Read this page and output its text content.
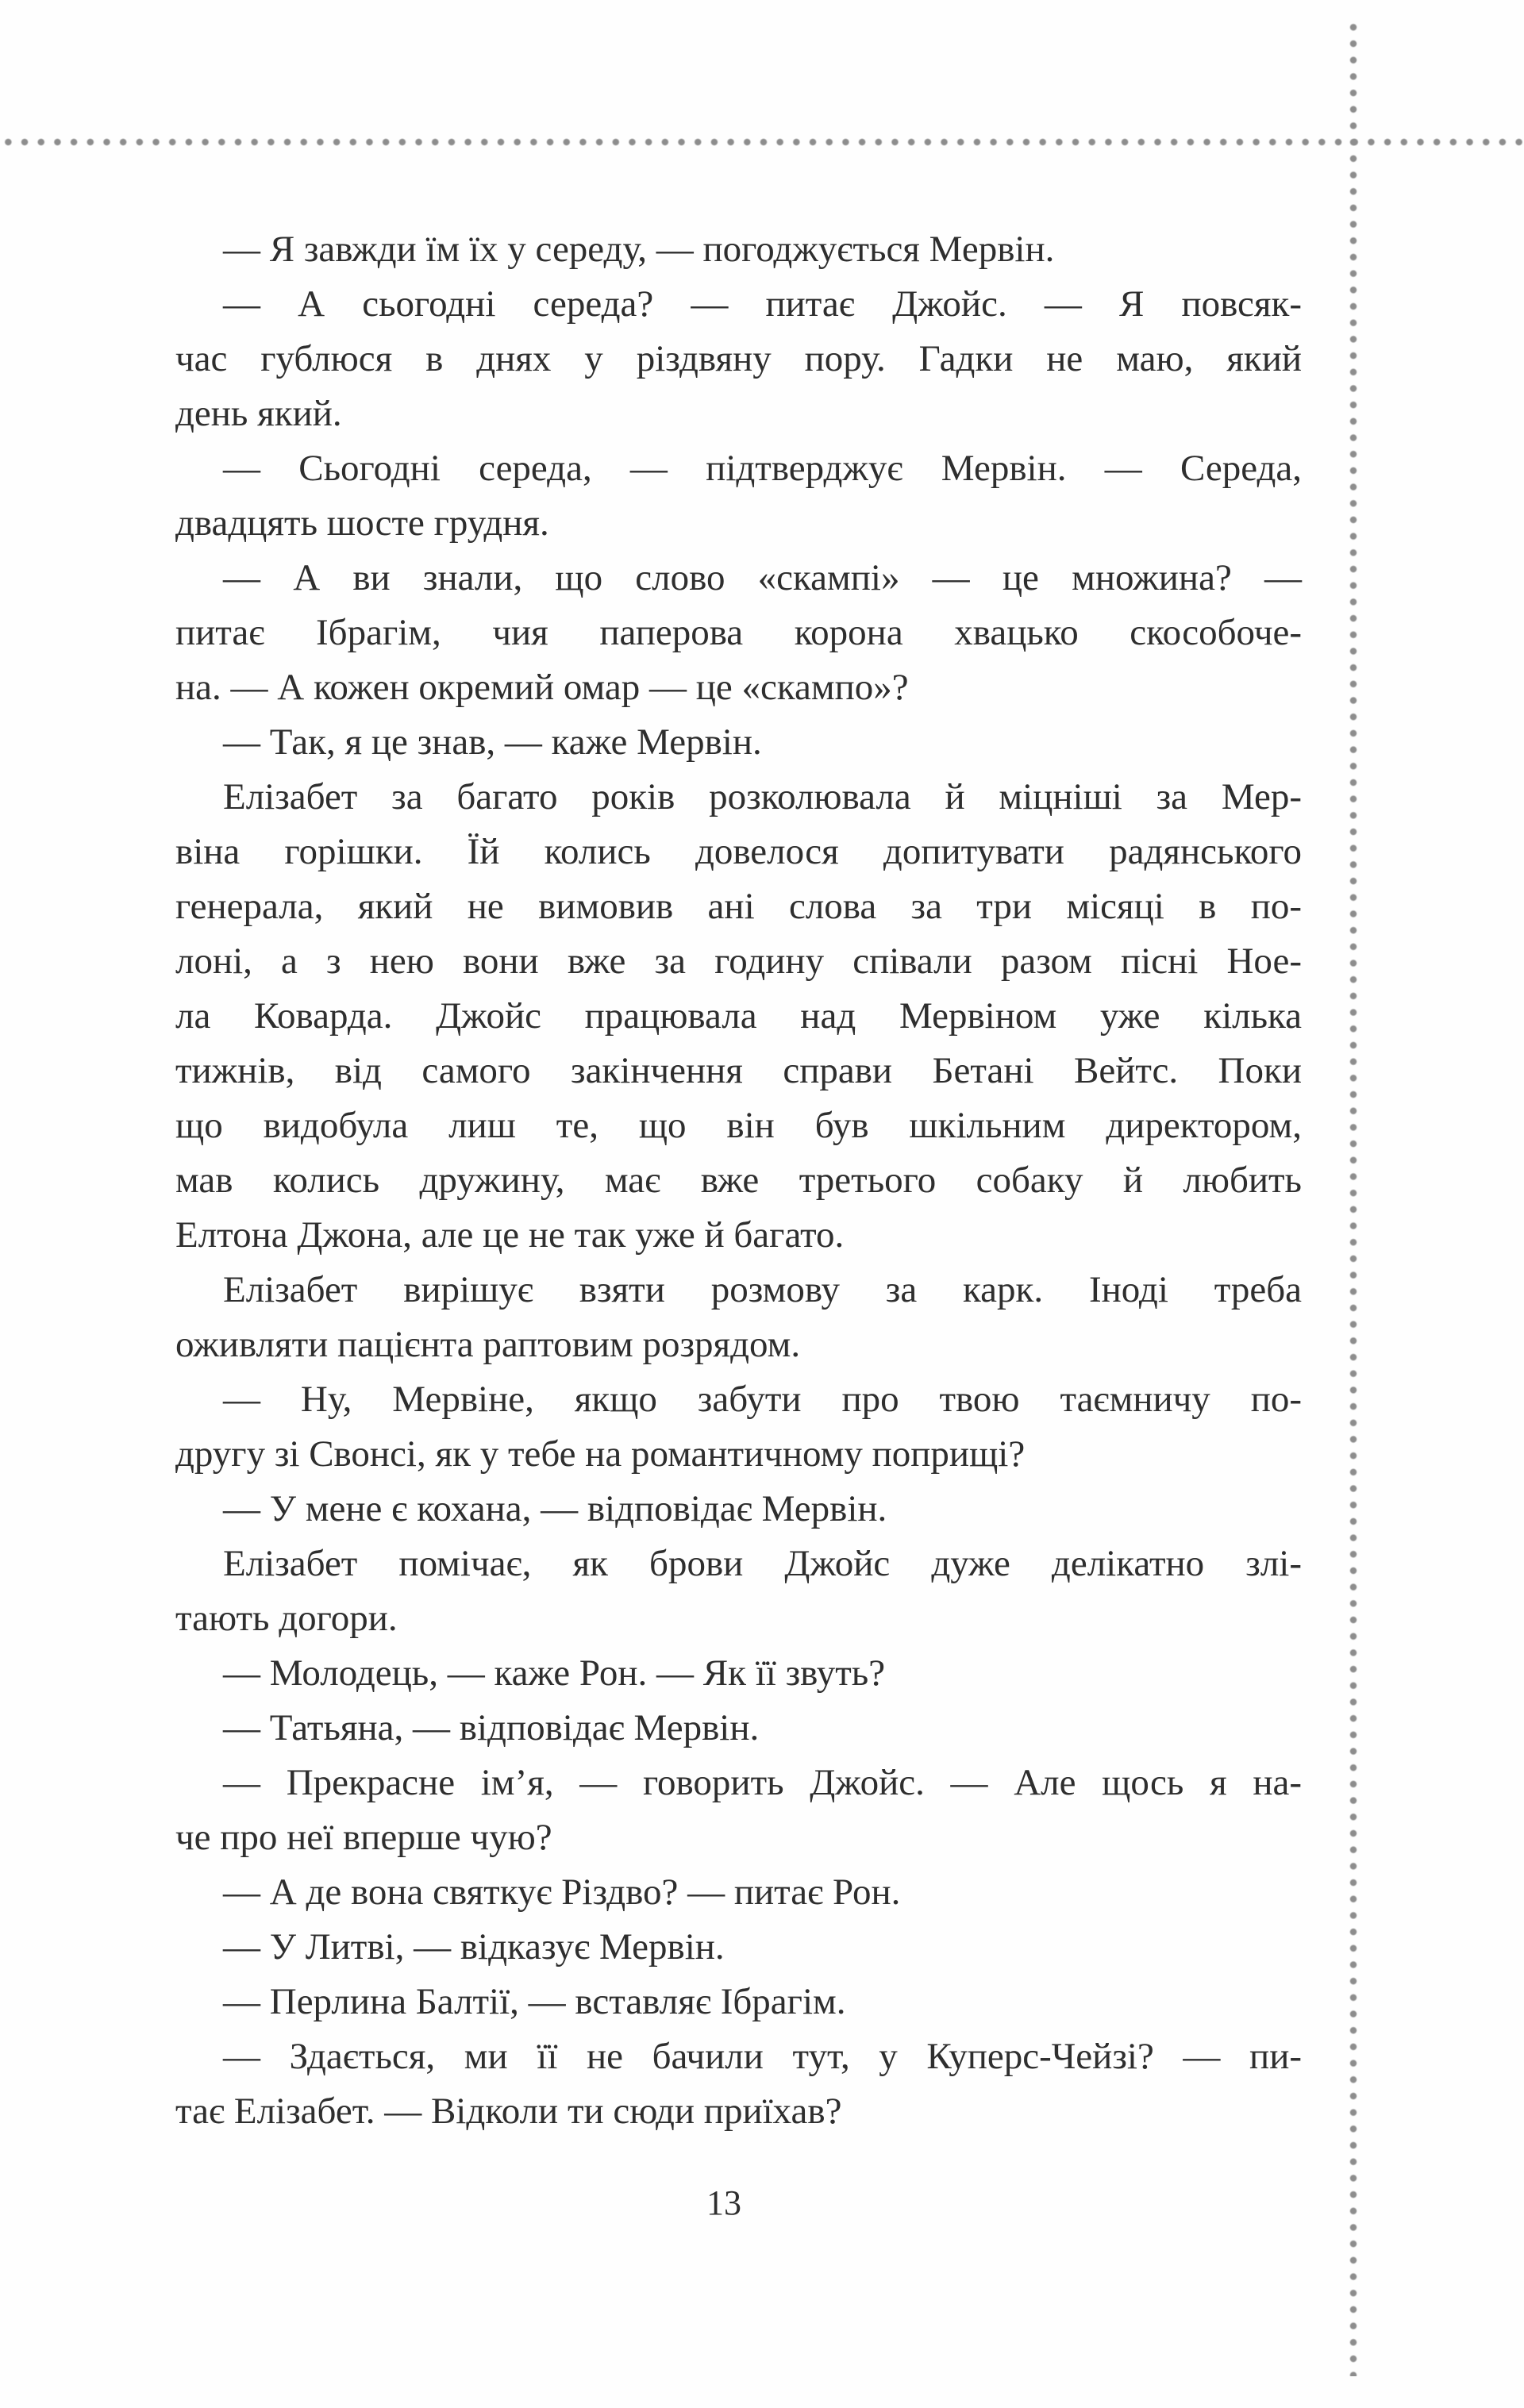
— Я завжди їм їх у середу, — погоджується Мервін.
— А сьогодні середа? — питає Джойс. — Я повсяк-
час гублюся в днях у різдвяну пору. Гадки не маю, який
день який.
— Сьогодні середа, — підтверджує Мервін. — Середа,
двадцять шосте грудня.
— А ви знали, що слово «скампі» — це множина? —
питає Ібрагім, чия паперова корона хвацько скособоче-
на. — А кожен окремий омар — це «скампо»?
— Так, я це знав, — каже Мервін.
Елізабет за багато років розколювала й міцніші за Мер-
віна горішки. Їй колись довелося допитувати радянського
генерала, який не вимовив ані слова за три місяці в по-
лоні, а з нею вони вже за годину співали разом пісні Ное-
ла Коварда. Джойс працювала над Мервіном уже кілька
тижнів, від самого закінчення справи Бетані Вейтс. Поки
що видобула лиш те, що він був шкільним директором,
мав колись дружину, має вже третього собаку й любить
Елтона Джона, але це не так уже й багато.
Елізабет вирішує взяти розмову за карк. Іноді треба
оживляти пацієнта раптовим розрядом.
— Ну, Мервіне, якщо забути про твою таємничу по-
другу зі Свонсі, як у тебе на романтичному поприщі?
— У мене є кохана, — відповідає Мервін.
Елізабет помічає, як брови Джойс дуже делікатно злі-
тають догори.
— Молодець, — каже Рон. — Як її звуть?
— Татьяна, — відповідає Мервін.
— Прекрасне ім’я, — говорить Джойс. — Але щось я на-
че про неї вперше чую?
— А де вона святкує Різдво? — питає Рон.
— У Литві, — відказує Мервін.
— Перлина Балтії, — вставляє Ібрагім.
— Здається, ми її не бачили тут, у Куперс-Чейзі? — пи-
тає Елізабет. — Відколи ти сюди приїхав?
13
